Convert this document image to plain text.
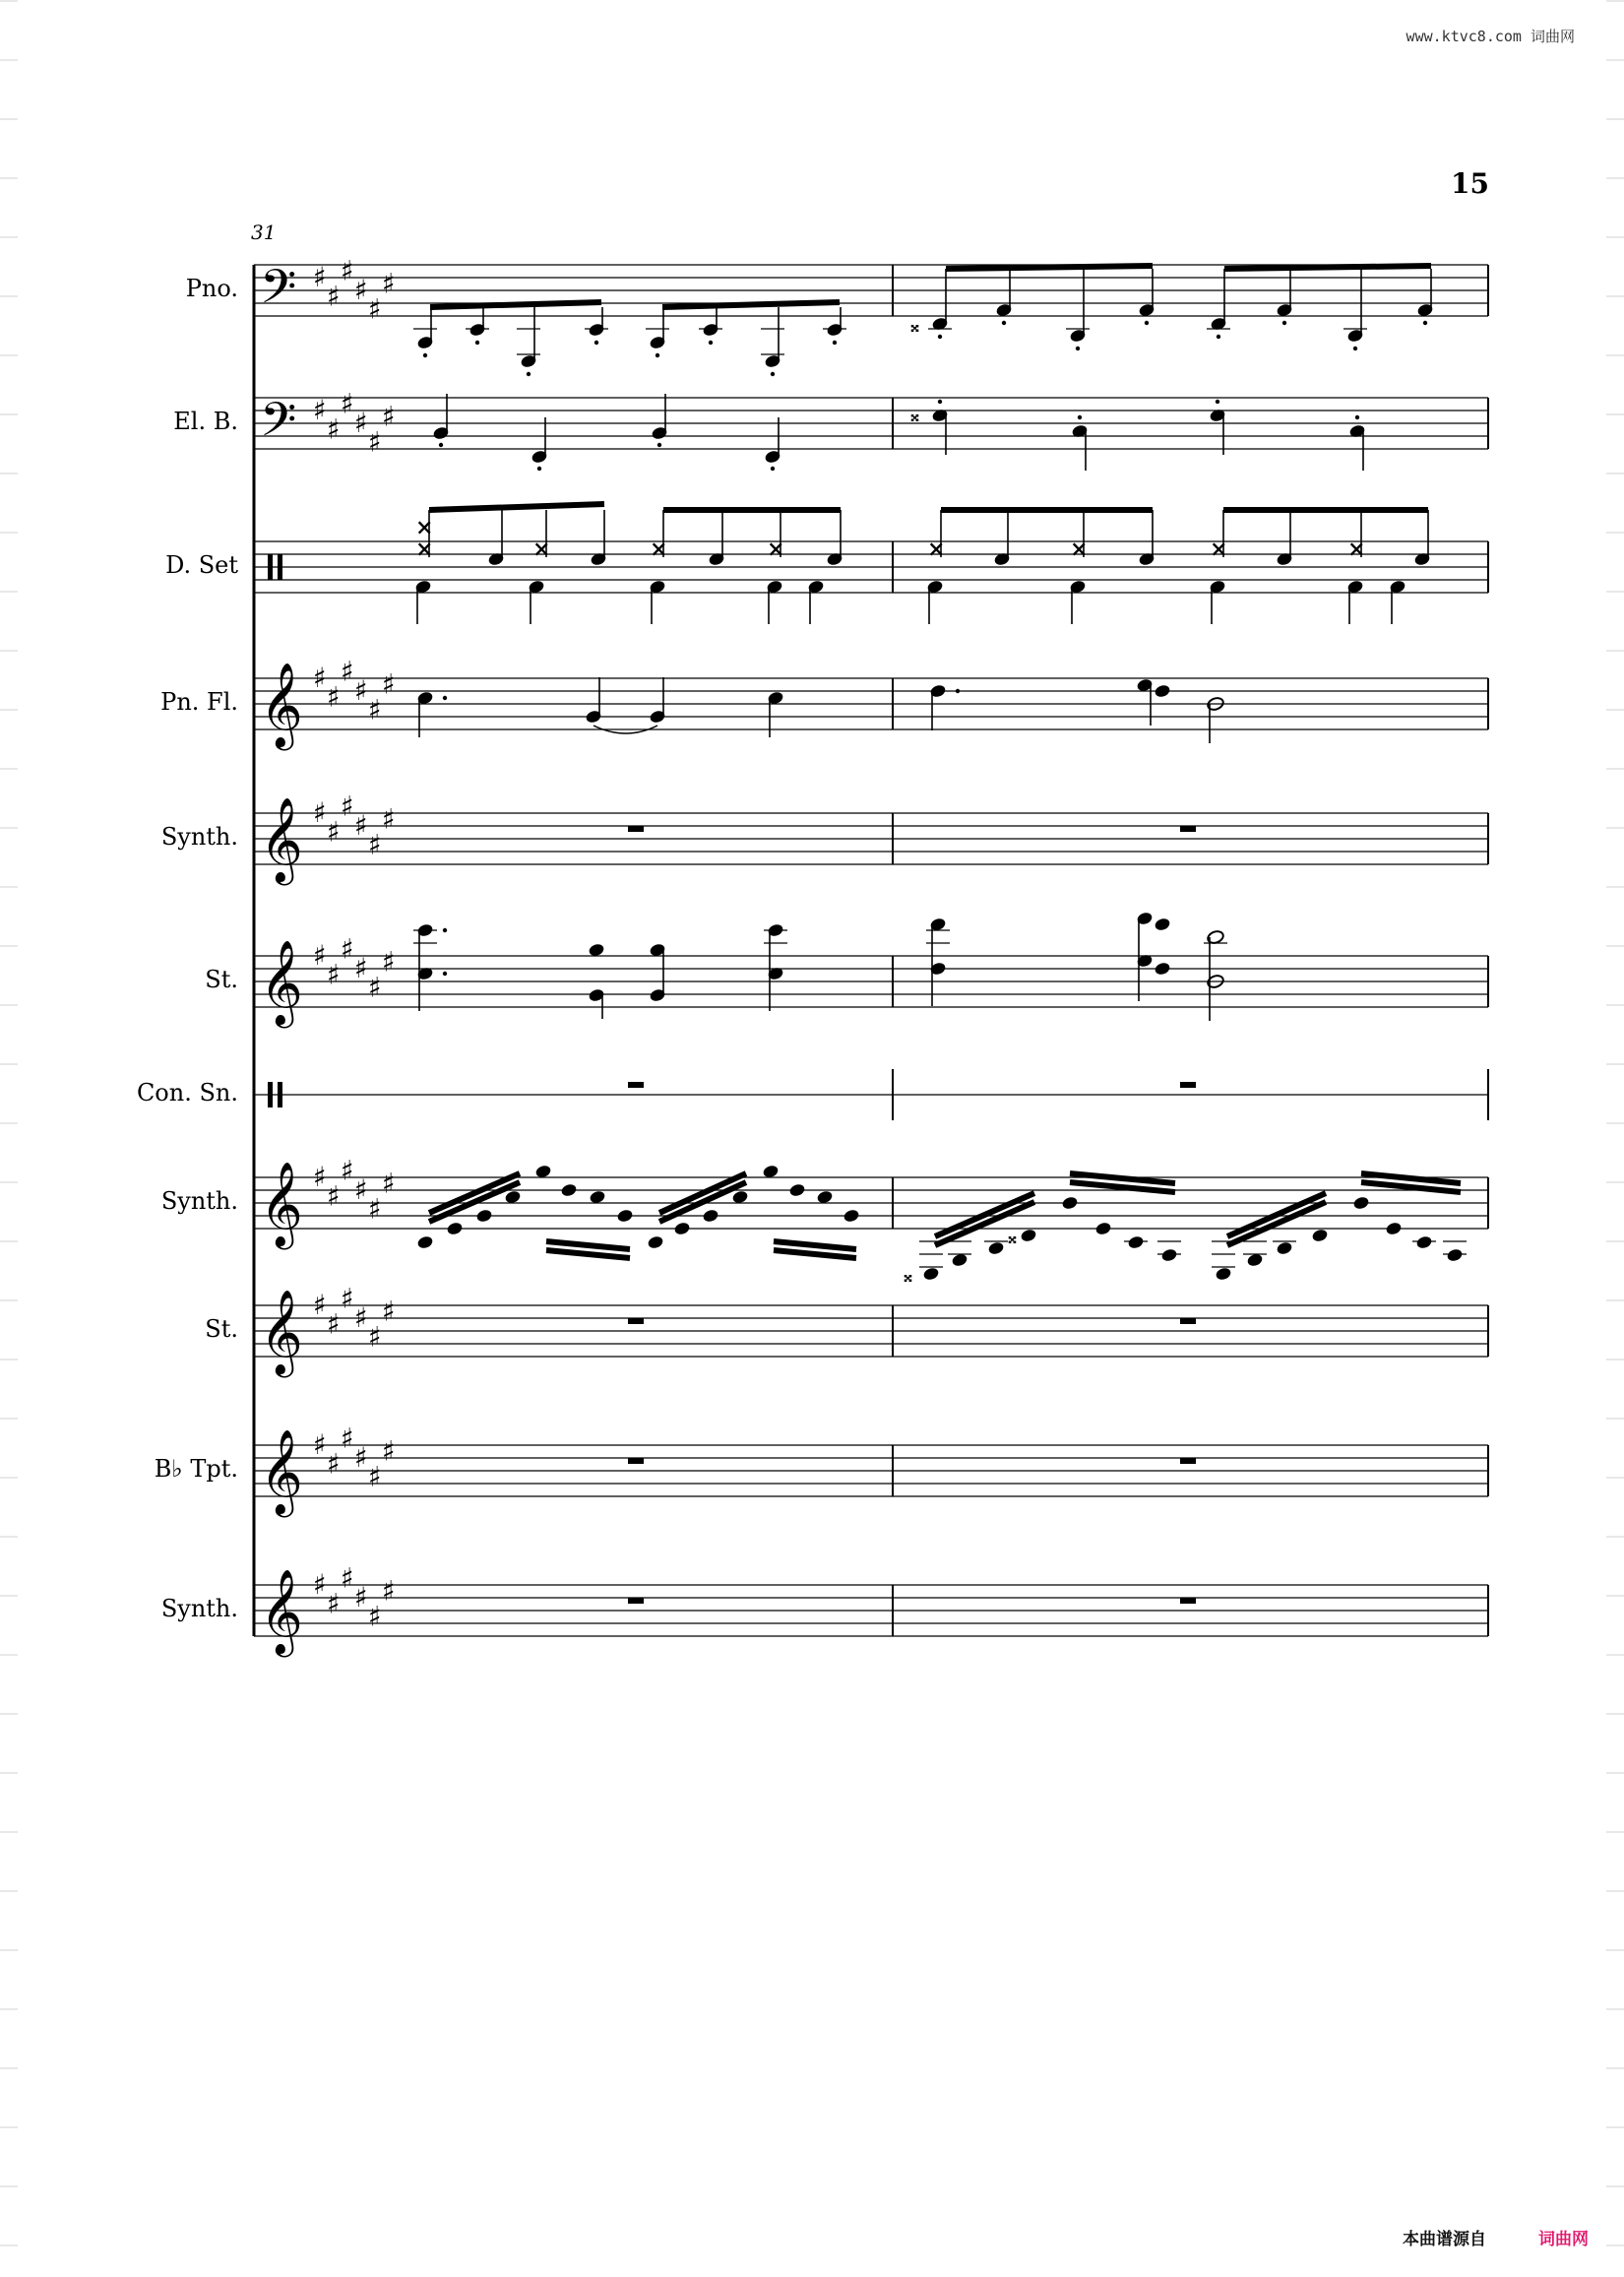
www.ktvc8.com 词曲网
15
31
𝄢 ♯
♯
♯
♯
♯
♯
𝄢 ♯
♯
♯
♯
♯
♯
𝄞 ♯
♯
♯
♯
♯
♯
𝄞 ♯
♯
♯
♯
♯
♯
𝄞 ♯
♯
♯
♯
♯
♯
𝄞 ♯
♯
♯
♯
♯
♯
𝄞 ♯
♯
♯
♯
♯
♯
𝄞 ♯
♯
♯
♯
♯
♯
𝄞 ♯
♯
♯
♯
♯
♯
𝄪
𝄪
×	×	×	×	×	×	×	×
×
𝄪
𝄪
Pno.
El. B.
D. Set
Pn. Fl.
Synth.
St.
Con. Sn.
Synth.
St.
B♭ Tpt.
Synth.
本曲谱源自	词曲网
